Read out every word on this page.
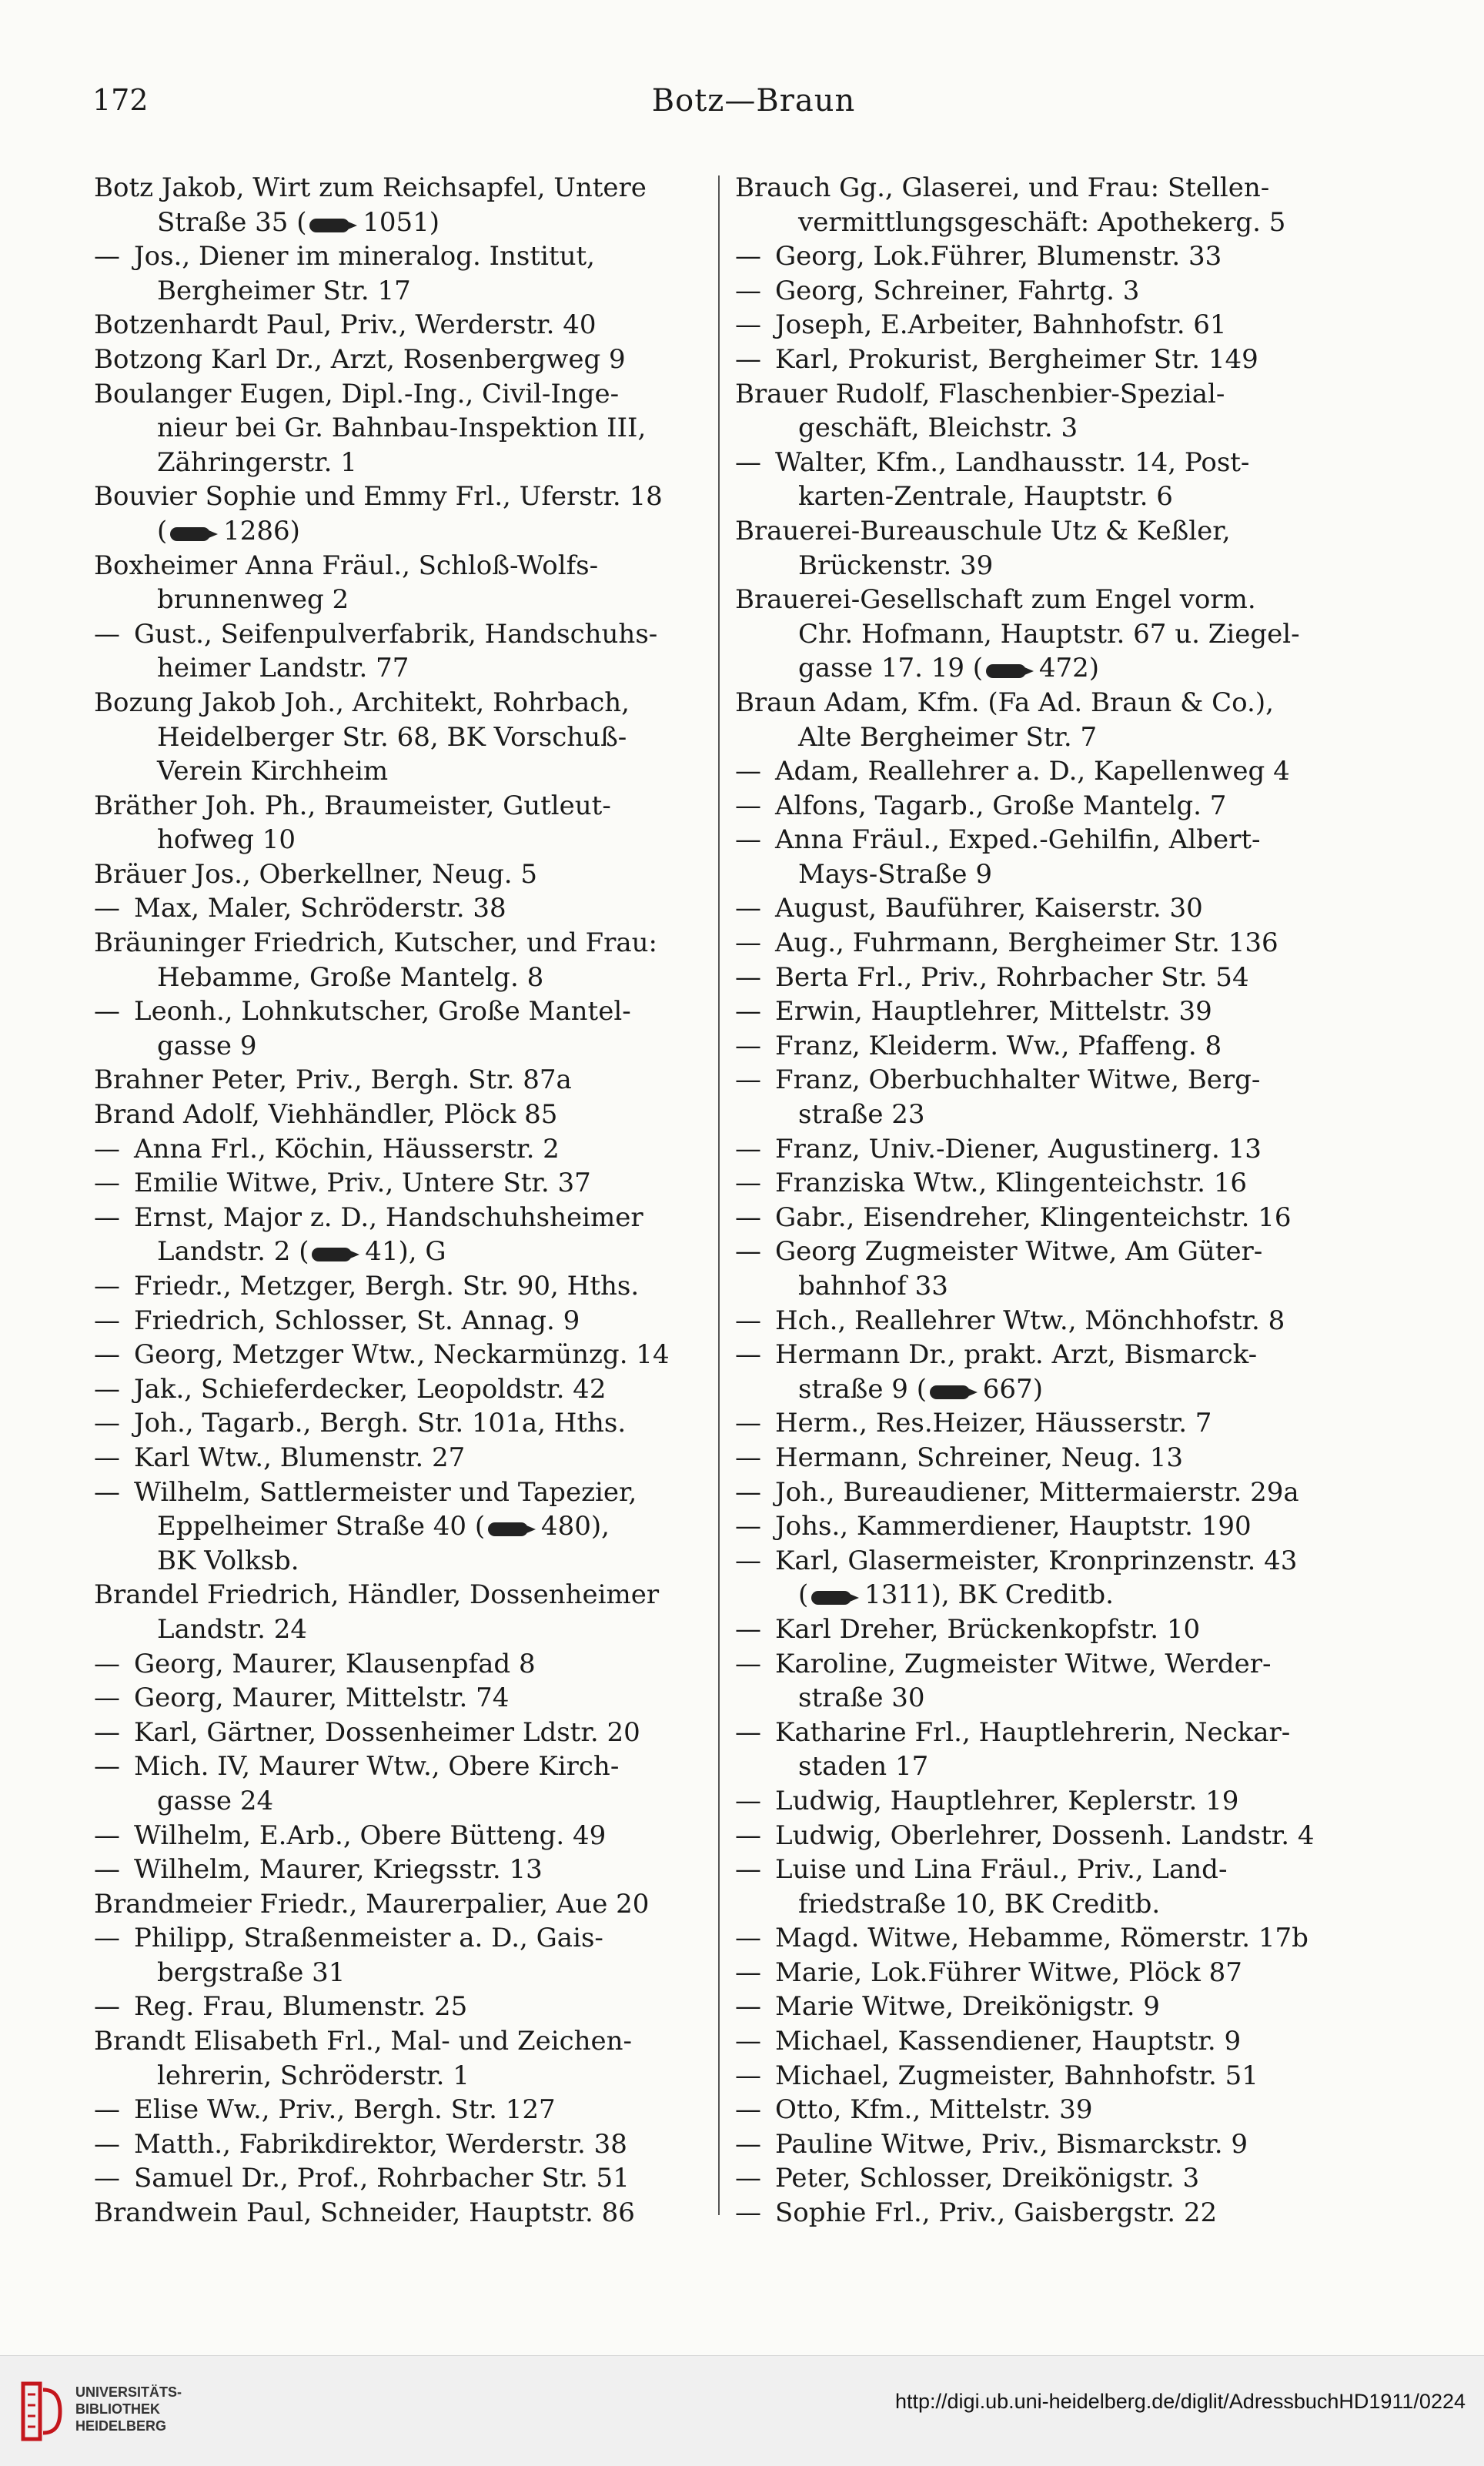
172	Botz—Braun
Botz Jakob, Wirt zum Reichsapfel, Untere
Straße 35 ( 1051)
— Jos., Diener im mineralog. Institut,
Bergheimer Str. 17
Botzenhardt Paul, Priv., Werderstr. 40
Botzong Karl Dr., Arzt, Rosenbergweg 9
Boulanger Eugen, Dipl.-Ing., Civil-Inge-
nieur bei Gr. Bahnbau-Inspektion III,
Zähringerstr. 1
Bouvier Sophie und Emmy Frl., Uferstr. 18
( 1286)
Boxheimer Anna Fräul., Schloß-Wolfs-
brunnenweg 2
— Gust., Seifenpulverfabrik, Handschuhs-
heimer Landstr. 77
Bozung Jakob Joh., Architekt, Rohrbach,
Heidelberger Str. 68, BK Vorschuß-
Verein Kirchheim
Bräther Joh. Ph., Braumeister, Gutleut-
hofweg 10
Bräuer Jos., Oberkellner, Neug. 5
— Max, Maler, Schröderstr. 38
Bräuninger Friedrich, Kutscher, und Frau:
Hebamme, Große Mantelg. 8
— Leonh., Lohnkutscher, Große Mantel-
gasse 9
Brahner Peter, Priv., Bergh. Str. 87a
Brand Adolf, Viehhändler, Plöck 85
— Anna Frl., Köchin, Häusserstr. 2
— Emilie Witwe, Priv., Untere Str. 37
— Ernst, Major z. D., Handschuhsheimer
Landstr. 2 ( 41), G
— Friedr., Metzger, Bergh. Str. 90, Hths.
— Friedrich, Schlosser, St. Annag. 9
— Georg, Metzger Wtw., Neckarmünzg. 14
— Jak., Schieferdecker, Leopoldstr. 42
— Joh., Tagarb., Bergh. Str. 101a, Hths.
— Karl Wtw., Blumenstr. 27
— Wilhelm, Sattlermeister und Tapezier,
Eppelheimer Straße 40 ( 480),
BK Volksb.
Brandel Friedrich, Händler, Dossenheimer
Landstr. 24
— Georg, Maurer, Klausenpfad 8
— Georg, Maurer, Mittelstr. 74
— Karl, Gärtner, Dossenheimer Ldstr. 20
— Mich. IV, Maurer Wtw., Obere Kirch-
gasse 24
— Wilhelm, E.Arb., Obere Bütteng. 49
— Wilhelm, Maurer, Kriegsstr. 13
Brandmeier Friedr., Maurerpalier, Aue 20
— Philipp, Straßenmeister a. D., Gais-
bergstraße 31
— Reg. Frau, Blumenstr. 25
Brandt Elisabeth Frl., Mal- und Zeichen-
lehrerin, Schröderstr. 1
— Elise Ww., Priv., Bergh. Str. 127
— Matth., Fabrikdirektor, Werderstr. 38
— Samuel Dr., Prof., Rohrbacher Str. 51
Brandwein Paul, Schneider, Hauptstr. 86
Brauch Gg., Glaserei, und Frau: Stellen-
vermittlungsgeschäft: Apothekerg. 5
— Georg, Lok.Führer, Blumenstr. 33
— Georg, Schreiner, Fahrtg. 3
— Joseph, E.Arbeiter, Bahnhofstr. 61
— Karl, Prokurist, Bergheimer Str. 149
Brauer Rudolf, Flaschenbier-Spezial-
geschäft, Bleichstr. 3
— Walter, Kfm., Landhausstr. 14, Post-
karten-Zentrale, Hauptstr. 6
Brauerei-Bureauschule Utz & Keßler,
Brückenstr. 39
Brauerei-Gesellschaft zum Engel vorm.
Chr. Hofmann, Hauptstr. 67 u. Ziegel-
gasse 17. 19 ( 472)
Braun Adam, Kfm. (Fa Ad. Braun & Co.),
Alte Bergheimer Str. 7
— Adam, Reallehrer a. D., Kapellenweg 4
— Alfons, Tagarb., Große Mantelg. 7
— Anna Fräul., Exped.-Gehilfin, Albert-
Mays-Straße 9
— August, Bauführer, Kaiserstr. 30
— Aug., Fuhrmann, Bergheimer Str. 136
— Berta Frl., Priv., Rohrbacher Str. 54
— Erwin, Hauptlehrer, Mittelstr. 39
— Franz, Kleiderm. Ww., Pfaffeng. 8
— Franz, Oberbuchhalter Witwe, Berg-
straße 23
— Franz, Univ.-Diener, Augustinerg. 13
— Franziska Wtw., Klingenteichstr. 16
— Gabr., Eisendreher, Klingenteichstr. 16
— Georg Zugmeister Witwe, Am Güter-
bahnhof 33
— Hch., Reallehrer Wtw., Mönchhofstr. 8
— Hermann Dr., prakt. Arzt, Bismarck-
straße 9 ( 667)
— Herm., Res.Heizer, Häusserstr. 7
— Hermann, Schreiner, Neug. 13
— Joh., Bureaudiener, Mittermaierstr. 29a
— Johs., Kammerdiener, Hauptstr. 190
— Karl, Glasermeister, Kronprinzenstr. 43
( 1311), BK Creditb.
— Karl Dreher, Brückenkopfstr. 10
— Karoline, Zugmeister Witwe, Werder-
straße 30
— Katharine Frl., Hauptlehrerin, Neckar-
staden 17
— Ludwig, Hauptlehrer, Keplerstr. 19
— Ludwig, Oberlehrer, Dossenh. Landstr. 4
— Luise und Lina Fräul., Priv., Land-
friedstraße 10, BK Creditb.
— Magd. Witwe, Hebamme, Römerstr. 17b
— Marie, Lok.Führer Witwe, Plöck 87
— Marie Witwe, Dreikönigstr. 9
— Michael, Kassendiener, Hauptstr. 9
— Michael, Zugmeister, Bahnhofstr. 51
— Otto, Kfm., Mittelstr. 39
— Pauline Witwe, Priv., Bismarckstr. 9
— Peter, Schlosser, Dreikönigstr. 3
— Sophie Frl., Priv., Gaisbergstr. 22
UNIVERSITÄTS-
BIBLIOTHEK
HEIDELBERG
http://digi.ub.uni-heidelberg.de/diglit/AdressbuchHD1911/0224
